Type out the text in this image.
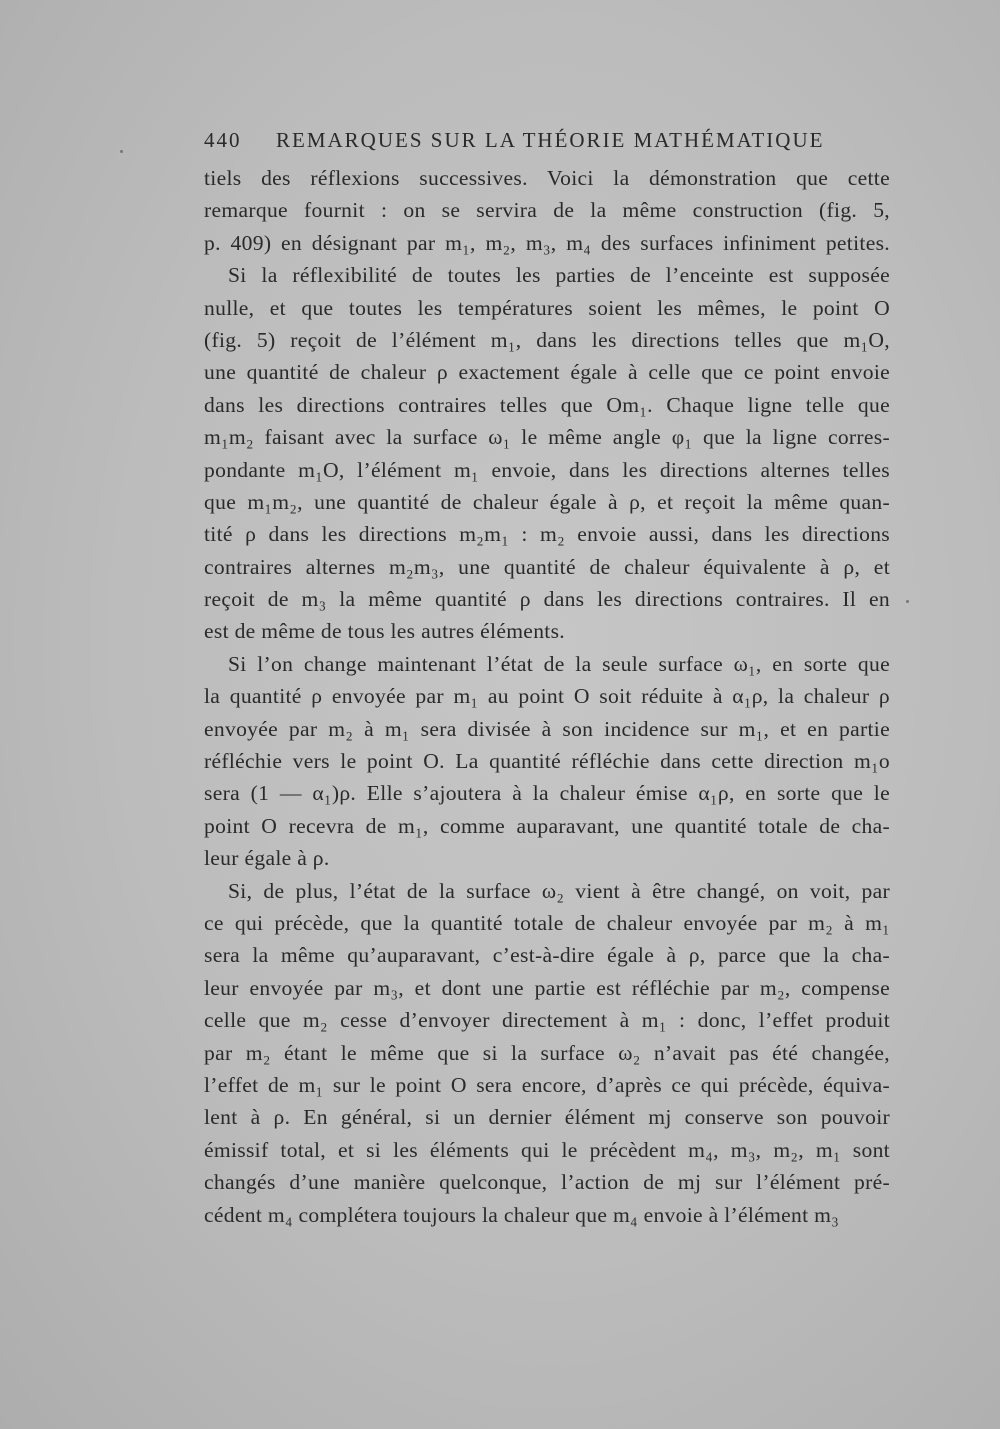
440 REMARQUES SUR LA THÉORIE MATHÉMATIQUE
tiels des réflexions successives. Voici la démonstration que cette
remarque fournit : on se servira de la même construction (fig. 5,
p. 409) en désignant par m₁, m₂, m₃, m₄ des surfaces infiniment petites.
Si la réflexibilité de toutes les parties de l’enceinte est supposée
nulle, et que toutes les températures soient les mêmes, le point O
(fig. 5) reçoit de l’élément m₁, dans les directions telles que m₁O,
une quantité de chaleur ρ exactement égale à celle que ce point envoie
dans les directions contraires telles que Om₁. Chaque ligne telle que
m₁m₂ faisant avec la surface ω₁ le même angle φ₁ que la ligne corres-
pondante m₁O, l’élément m₁ envoie, dans les directions alternes telles
que m₁m₂, une quantité de chaleur égale à ρ, et reçoit la même quan-
tité ρ dans les directions m₂m₁ : m₂ envoie aussi, dans les directions
contraires alternes m₂m₃, une quantité de chaleur équivalente à ρ, et
reçoit de m₃ la même quantité ρ dans les directions contraires. Il en
est de même de tous les autres éléments.
Si l’on change maintenant l’état de la seule surface ω₁, en sorte que
la quantité ρ envoyée par m₁ au point O soit réduite à α₁ρ, la chaleur ρ
envoyée par m₂ à m₁ sera divisée à son incidence sur m₁, et en partie
réfléchie vers le point O. La quantité réfléchie dans cette direction m₁o
sera (1 — α₁)ρ. Elle s’ajoutera à la chaleur émise α₁ρ, en sorte que le
point O recevra de m₁, comme auparavant, une quantité totale de cha-
leur égale à ρ.
Si, de plus, l’état de la surface ω₂ vient à être changé, on voit, par
ce qui précède, que la quantité totale de chaleur envoyée par m₂ à m₁
sera la même qu’auparavant, c’est-à-dire égale à ρ, parce que la cha-
leur envoyée par m₃, et dont une partie est réfléchie par m₂, compense
celle que m₂ cesse d’envoyer directement à m₁ : donc, l’effet produit
par m₂ étant le même que si la surface ω₂ n’avait pas été changée,
l’effet de m₁ sur le point O sera encore, d’après ce qui précède, équiva-
lent à ρ. En général, si un dernier élément mj conserve son pouvoir
émissif total, et si les éléments qui le précèdent m₄, m₃, m₂, m₁ sont
changés d’une manière quelconque, l’action de mj sur l’élément pré-
cédent m₄ complétera toujours la chaleur que m₄ envoie à l’élément m₃
